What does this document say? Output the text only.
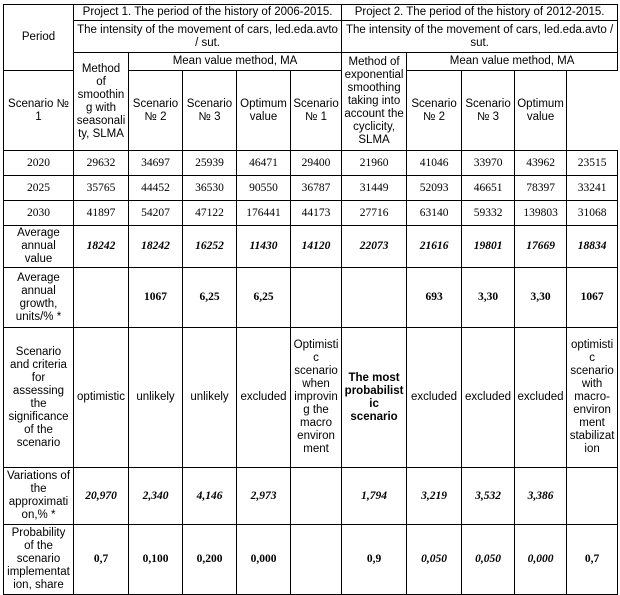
Period	Project 1. The period of the history of 2006-2015.					Project 2. The period of the history of 2012-2015.				
	The intensity of the movement of cars, led.eda.avto / sut.					The intensity of the movement of cars, led.eda.avto / sut.				
	Method of smoothing with seasonality, SLMA	Mean value method, MA				Method of exponential smoothing taking into account the cyclicity, SLMA	Mean value method, MA			
Scenario № 1		Scenario № 2	Scenario № 3	Optimum value	Scenario № 1		Scenario № 2	Scenario № 3	Optimum value	
2020	29632	34697	25939	46471	29400	21960	41046	33970	43962	23515
2025	35765	44452	36530	90550	36787	31449	52093	46651	78397	33241
2030	41897	54207	47122	176441	44173	27716	63140	59332	139803	31068
Average annual value	18242	18242	16252	11430	14120	22073	21616	19801	17669	18834
Average annual growth, units/% *		1067	6,25	6,25			693	3,30	3,30	1067
Scenario and criteria for assessing the significance of the scenario	optimistic	unlikely	unlikely	excluded	Optimistic scenario when improving the macro environment	The most probabilistic scenario	excluded	excluded	excluded	optimistic scenario with macro-environment stabilization
Variations of the approximation,% *	20,970	2,340	4,146	2,973		1,794	3,219	3,532	3,386	
Probability of the scenario implementation, share	0,7	0,100	0,200	0,000		0,9	0,050	0,050	0,000	0,7
